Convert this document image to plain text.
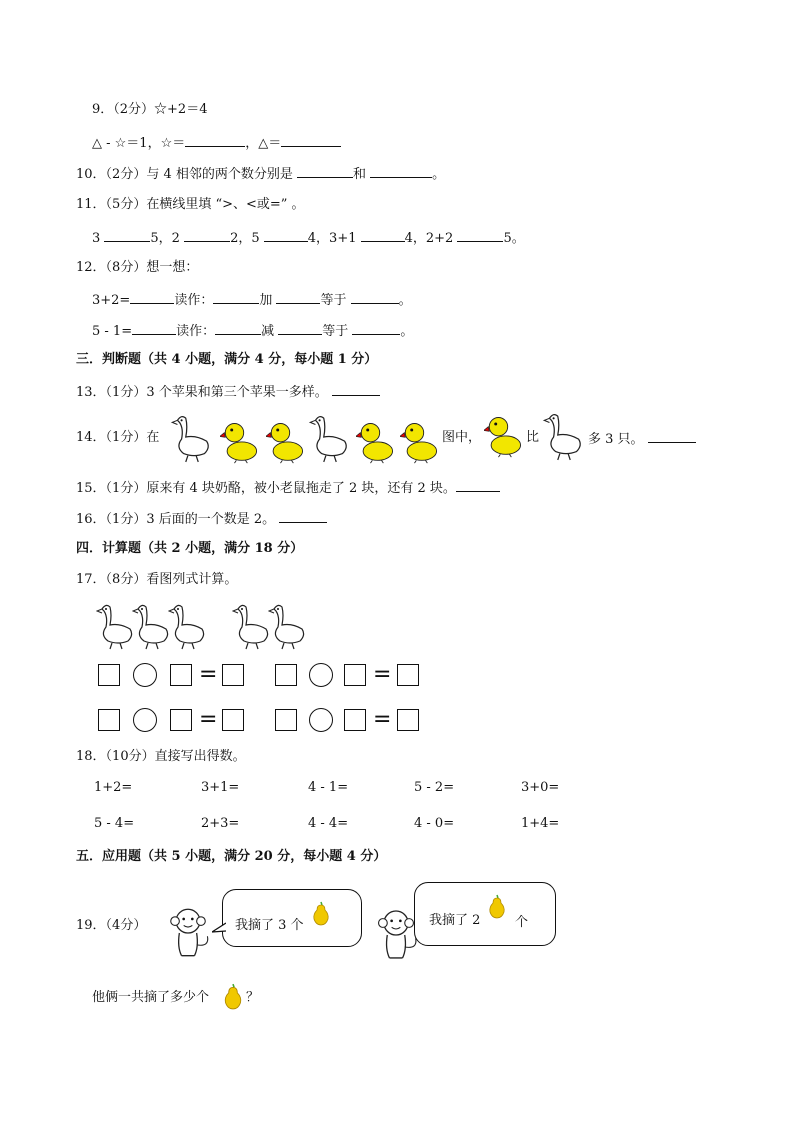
9．（2分）☆+2＝4
△ - ☆＝1，☆＝	，△＝
10．（2分）与 4 相邻的两个数分别是	和	。
11．（5分）在横线里填 “>、<或=” 。
3	5，2	2，5	4，3+1	4，2+2	5。
12．（8分）想一想：
3+2=	读作：	加	等于	。
5 - 1=	读作：	减	等于	。
三．判断题（共 4 小题，满分 4 分，每小题 1 分）
13．（1分）3 个苹果和第三个苹果一多样。
14．（1分）在	图中，	比	多 3 只。
15．（1分）原来有 4 块奶酪，被小老鼠拖走了 2 块，还有 2 块。
16．（1分）3 后面的一个数是 2。
四．计算题（共 2 小题，满分 18 分）
17．（8分）看图列式计算。
=	=
=	=
18．（10分）直接写出得数。
1+2=	3+1=	4 - 1=	5 - 2=	3+0=
5 - 4=	2+3=	4 - 4=	4 - 0=	1+4=
五．应用题（共 5 小题，满分 20 分，每小题 4 分）
19．（4分）	我摘了 3 个	我摘了 2	个
他俩一共摘了多少个	？
